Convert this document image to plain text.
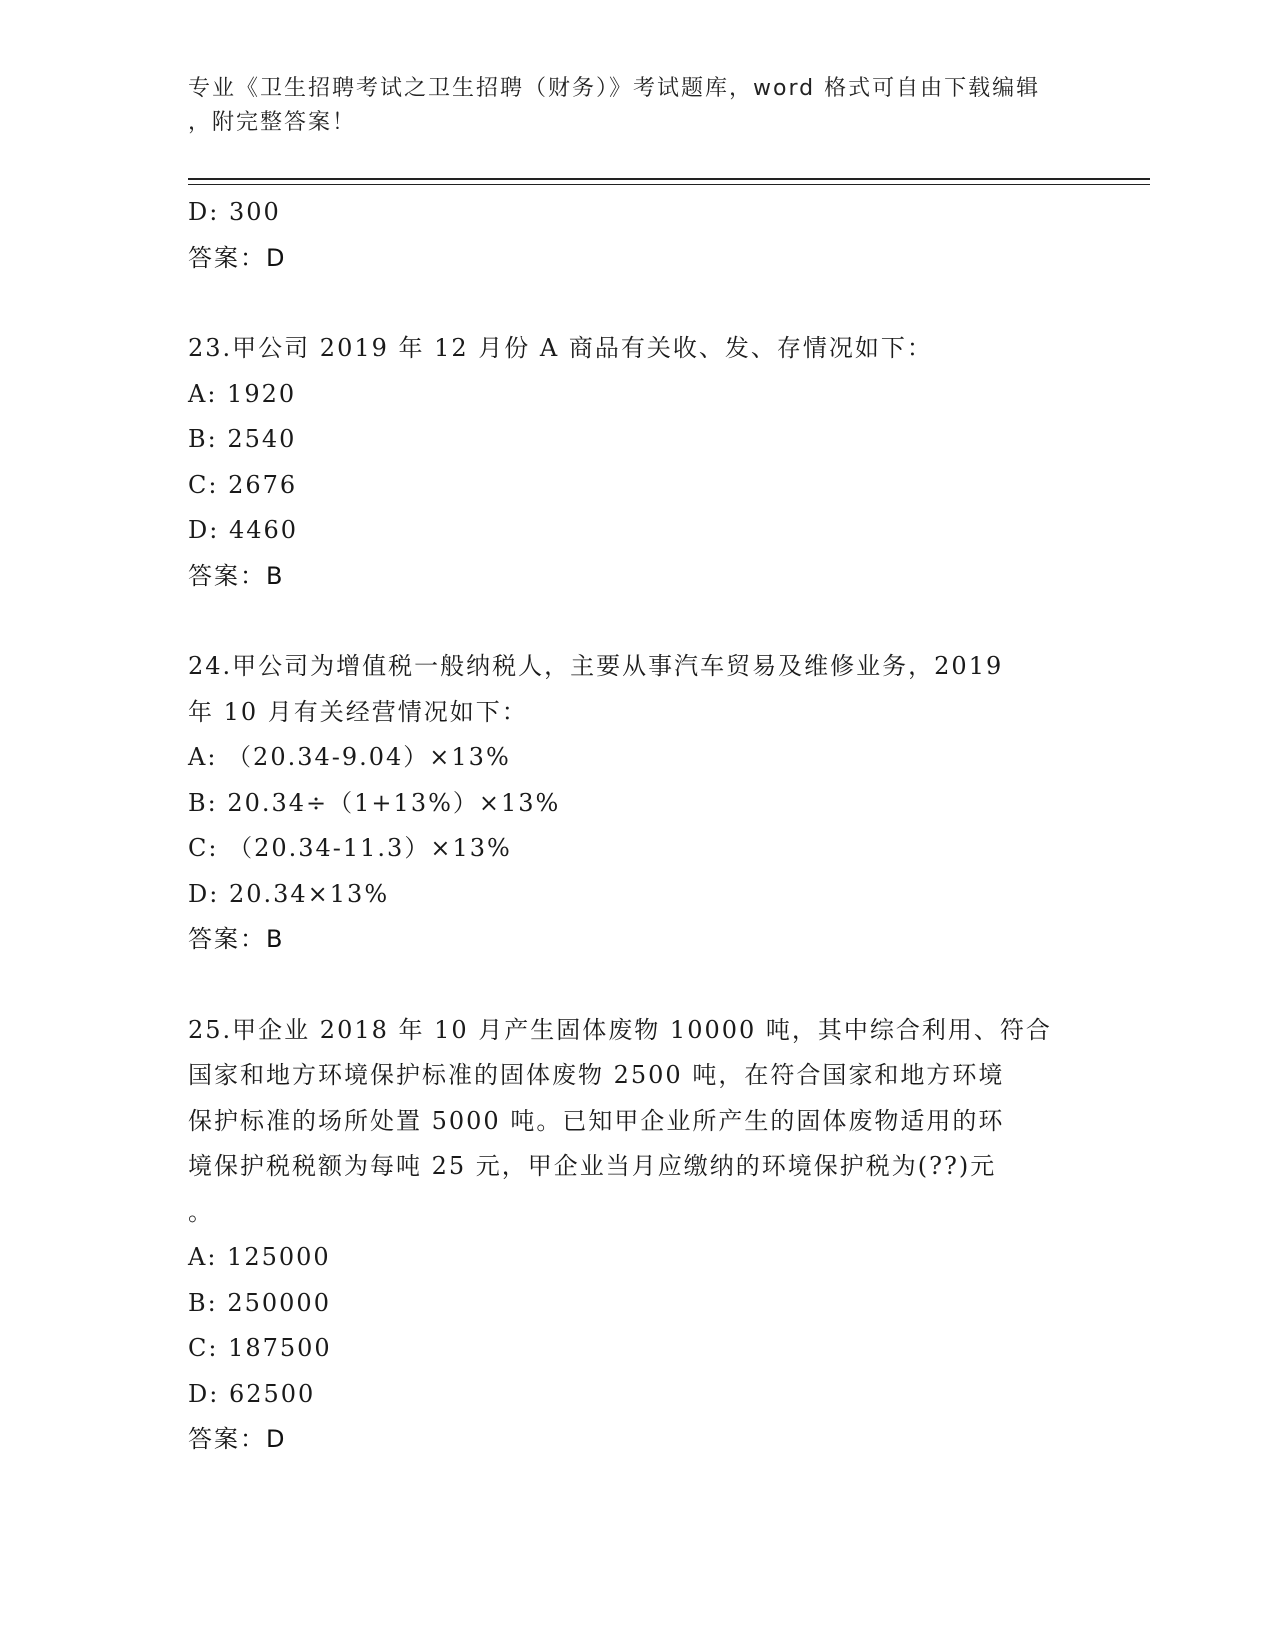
专业《卫生招聘考试之卫生招聘（财务）》考试题库，word 格式可自由下载编辑
，附完整答案！
D: 300
答案：D
23.甲公司 2019 年 12 月份 A 商品有关收、发、存情况如下：
A: 1920
B: 2540
C: 2676
D: 4460
答案：B
24.甲公司为增值税一般纳税人，主要从事汽车贸易及维修业务，2019
年 10 月有关经营情况如下：
A: （20.34-9.04）×13%
B: 20.34÷（1+13%）×13%
C: （20.34-11.3）×13%
D: 20.34×13%
答案：B
25.甲企业 2018 年 10 月产生固体废物 10000 吨，其中综合利用、符合
国家和地方环境保护标准的固体废物 2500 吨，在符合国家和地方环境
保护标准的场所处置 5000 吨。已知甲企业所产生的固体废物适用的环
境保护税税额为每吨 25 元，甲企业当月应缴纳的环境保护税为(??)元
。
A: 125000
B: 250000
C: 187500
D: 62500
答案：D
